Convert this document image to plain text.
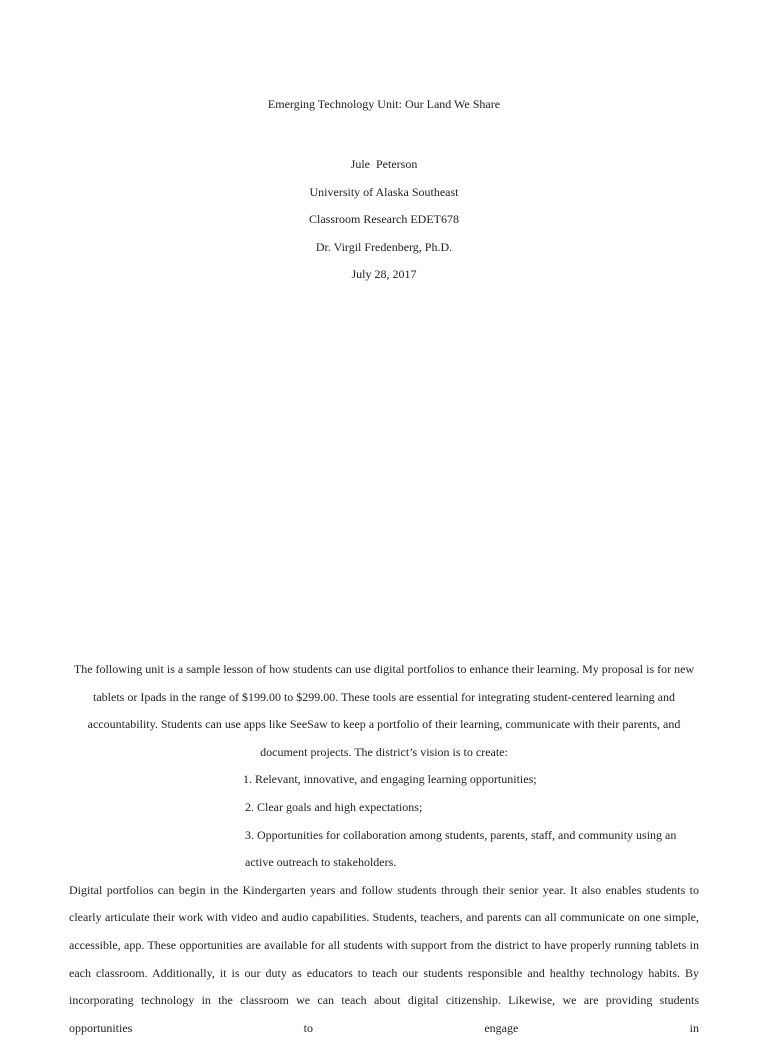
Emerging Technology Unit: Our Land We Share
Jule  Peterson
University of Alaska Southeast
Classroom Research EDET678
Dr. Virgil Fredenberg, Ph.D.
July 28, 2017

The following unit is a sample lesson of how students can use digital portfolios to enhance their learning. My proposal is for new tablets or Ipads in the range of $199.00 to $299.00. These tools are essential for integrating student-centered learning and accountability. Students can use apps like SeeSaw to keep a portfolio of their learning, communicate with their parents, and document projects. The district’s vision is to create:

1. Relevant, innovative, and engaging learning opportunities;
2. Clear goals and high expectations;
3. Opportunities for collaboration among students, parents, staff, and community using an active outreach to stakeholders.

Digital portfolios can begin in the Kindergarten years and follow students through their senior year. It also enables students to clearly articulate their work with video and audio capabilities. Students, teachers, and parents can all communicate on one simple, accessible, app. These opportunities are available for all students with support from the district to have properly running tablets in each classroom. Additionally, it is our duty as educators to teach our students responsible and healthy technology habits. By incorporating technology in the classroom we can teach about digital citizenship. Likewise, we are providing students opportunities to engage in
